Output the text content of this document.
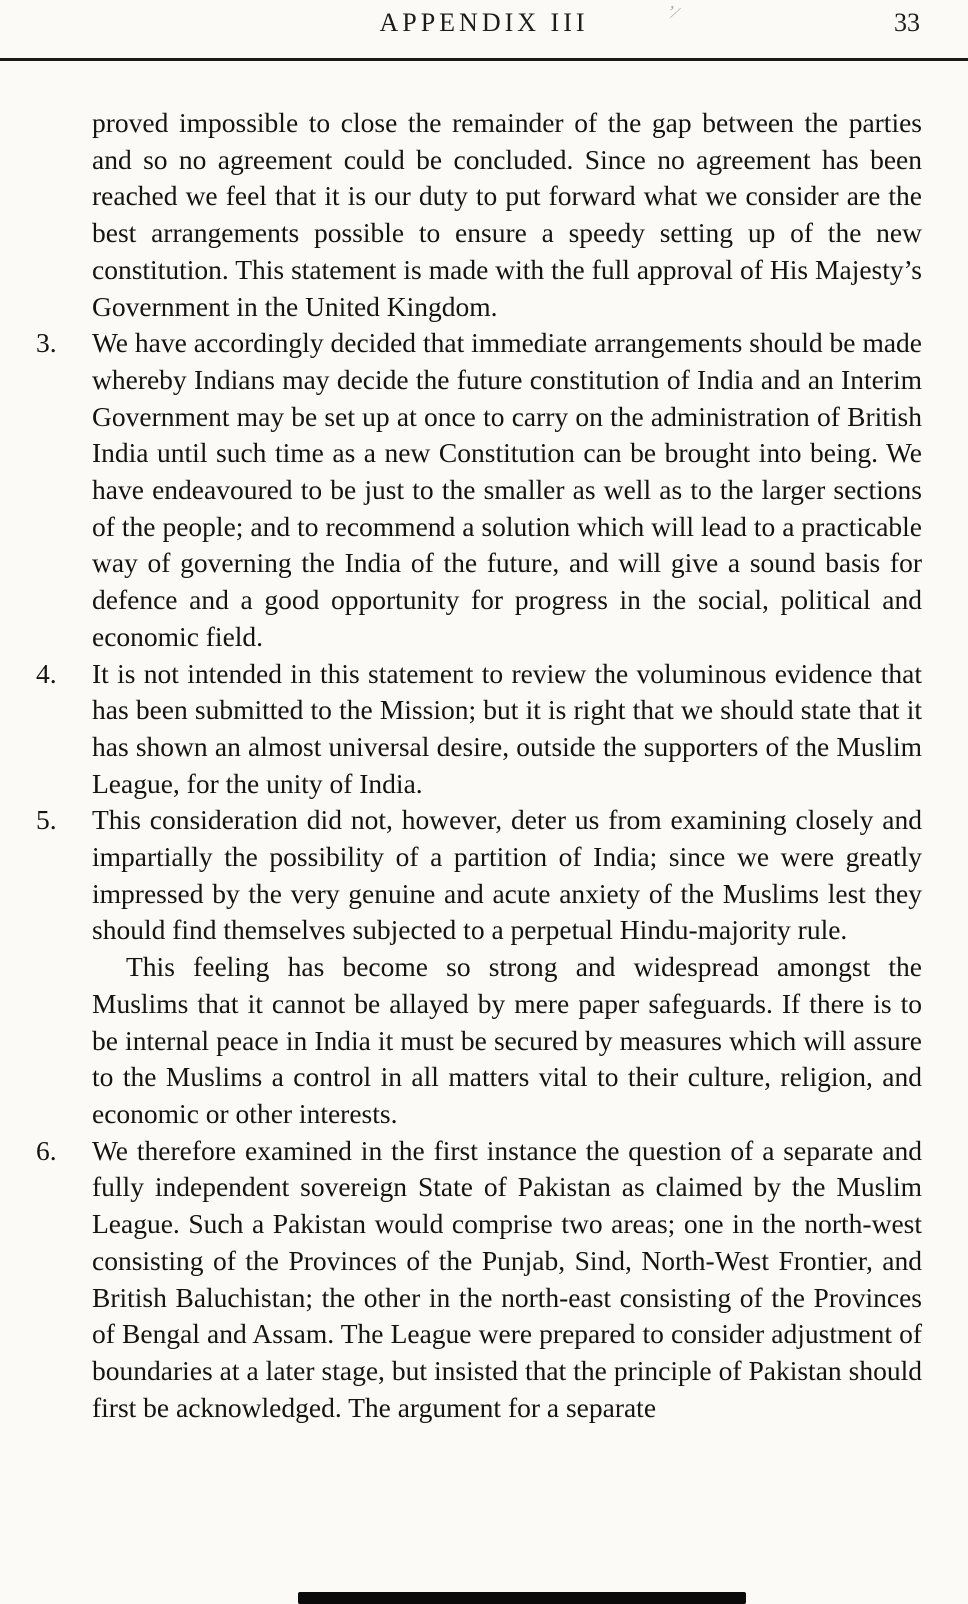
APPENDIX III	33
ʼ∕

proved impossible to close the remainder of the gap between the parties and so no agreement could be concluded. Since no agreement has been reached we feel that it is our duty to put forward what we consider are the best arrangements possible to ensure a speedy setting up of the new constitution. This statement is made with the full approval of His Majesty’s Government in the United Kingdom.

3.	We have accordingly decided that immediate arrangements should be made whereby Indians may decide the future constitution of India and an Interim Government may be set up at once to carry on the administration of British India until such time as a new Constitution can be brought into being. We have endeavoured to be just to the smaller as well as to the larger sections of the people; and to recommend a solution which will lead to a practicable way of governing the India of the future, and will give a sound basis for defence and a good opportunity for progress in the social, political and economic field.

4.	It is not intended in this statement to review the voluminous evidence that has been submitted to the Mission; but it is right that we should state that it has shown an almost universal desire, outside the supporters of the Muslim League, for the unity of India.

5.	This consideration did not, however, deter us from examining closely and impartially the possibility of a partition of India; since we were greatly impressed by the very genuine and acute anxiety of the Muslims lest they should find themselves subjected to a perpetual Hindu-majority rule.

This feeling has become so strong and widespread amongst the Muslims that it cannot be allayed by mere paper safeguards. If there is to be internal peace in India it must be secured by measures which will assure to the Muslims a control in all matters vital to their culture, religion, and economic or other interests.

6.	We therefore examined in the first instance the question of a separate and fully independent sovereign State of Pakistan as claimed by the Muslim League. Such a Pakistan would comprise two areas; one in the north-west consisting of the Provinces of the Punjab, Sind, North-West Frontier, and British Baluchistan; the other in the north-east consisting of the Provinces of Bengal and Assam. The League were prepared to consider adjustment of boundaries at a later stage, but insisted that the principle of Pakistan should first be acknowledged. The argument for a separate
